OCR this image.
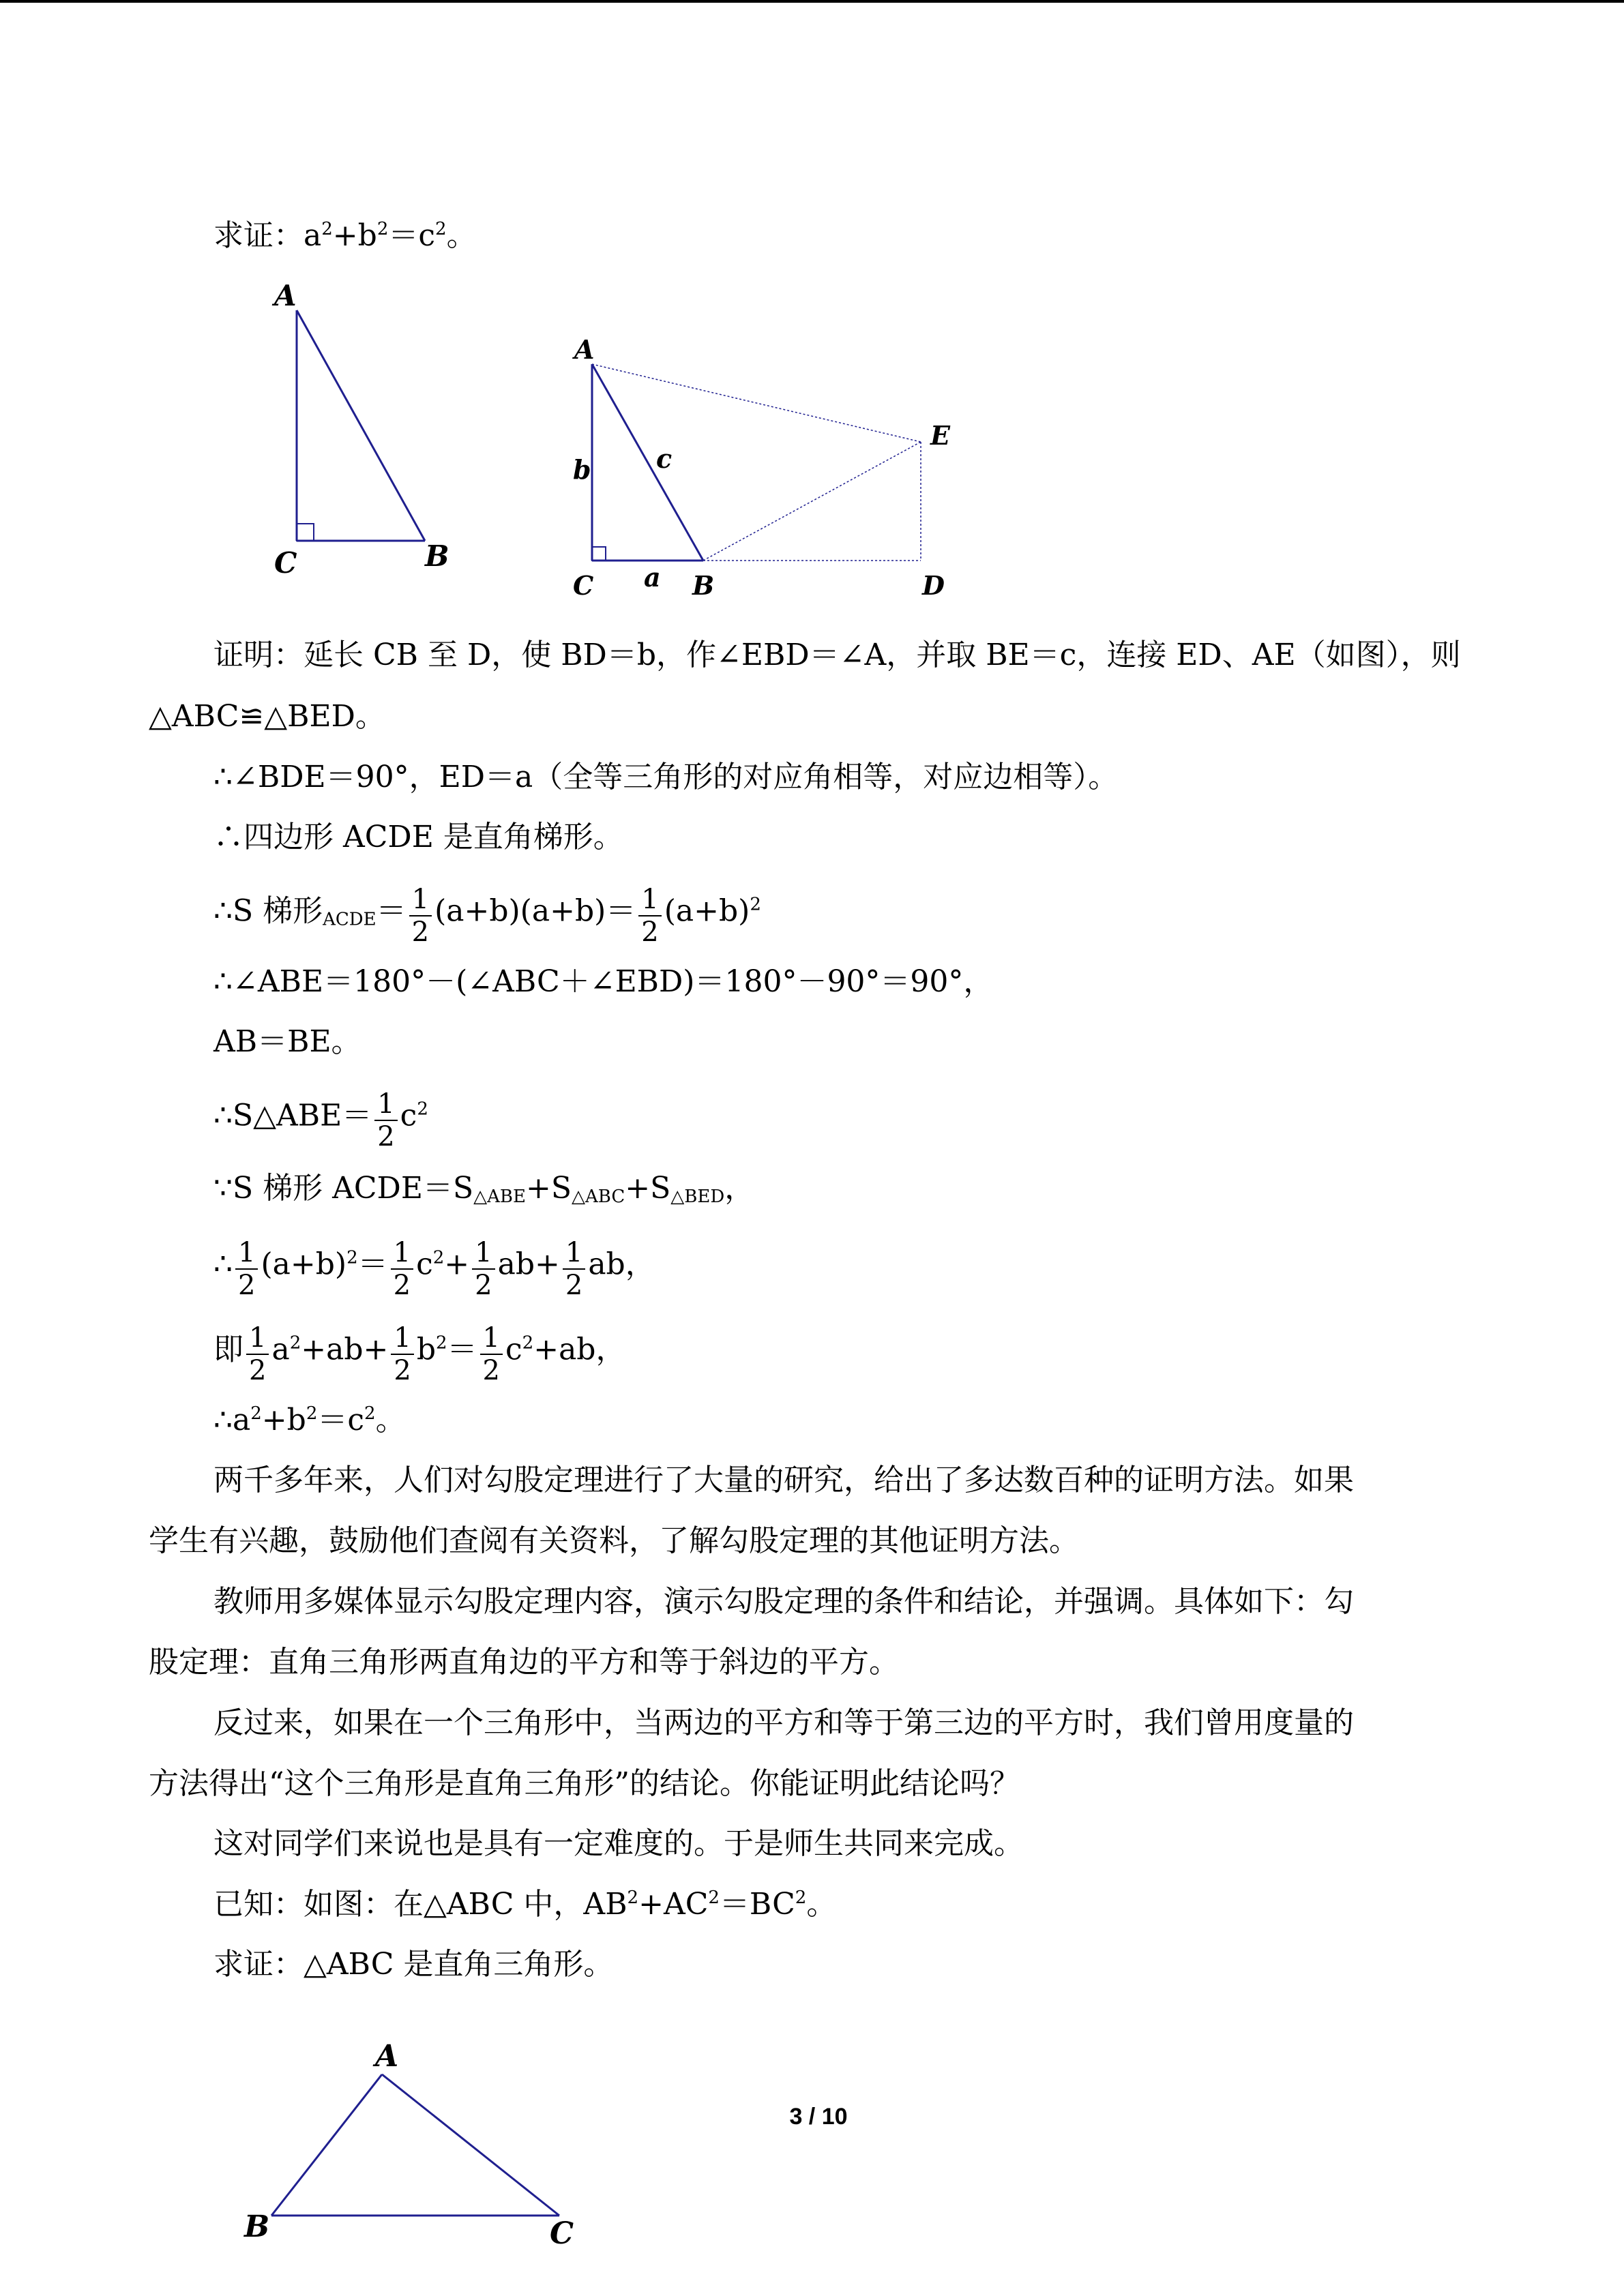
求证：$a^2+b^2=c^2$。
A
B
C
A
B
C	D
E
a
b	c
证明：延长 CB 至 D，使 BD＝b，作∠EBD＝∠A，并取 BE＝c，连接 ED、AE（如图），则
△ABC≌△BED。
∴∠BDE＝90°，ED＝a（全等三角形的对应角相等，对应边相等）。
∴四边形 ACDE 是直角梯形。
∴S 梯形$_{ACDE}= \frac{1}{2} (a+b)(a+b)= \frac{1}{2} (a+b)^2$
∴∠ABE＝180°－(∠ABC＋∠EBD)＝180°－90°＝90°，
AB＝BE。
∴S△ABE＝ $\frac{1}{2} c^2$
∵S 梯形 $ACDE=S_{\triangle ABE}+S_{\triangle ABC}+S_{\triangle BED}$，
∴ $\frac{1}{2} (a+b)^2= \frac{1}{2} c^2+ \frac{1}{2} ab+ \frac{1}{2}$ ab，
即 $\frac{1}{2} a^2+ab+ \frac{1}{2} b^2= \frac{1}{2} c^2+ab$，
$\therefore a^2+b^2=c^2$。
两千多年来，人们对勾股定理进行了大量的研究，给出了多达数百种的证明方法。如果
学生有兴趣，鼓励他们查阅有关资料，了解勾股定理的其他证明方法。
教师用多媒体显示勾股定理内容，演示勾股定理的条件和结论，并强调。具体如下：勾
股定理：直角三角形两直角边的平方和等于斜边的平方。
反过来，如果在一个三角形中，当两边的平方和等于第三边的平方时，我们曾用度量的
方法得出“这个三角形是直角三角形”的结论。你能证明此结论吗？
这对同学们来说也是具有一定难度的。于是师生共同来完成。
已知：如图：在△ABC 中，$AB^2+AC^2=BC^2$。
求证：△ABC 是直角三角形。
A
B	C
3 / 10
